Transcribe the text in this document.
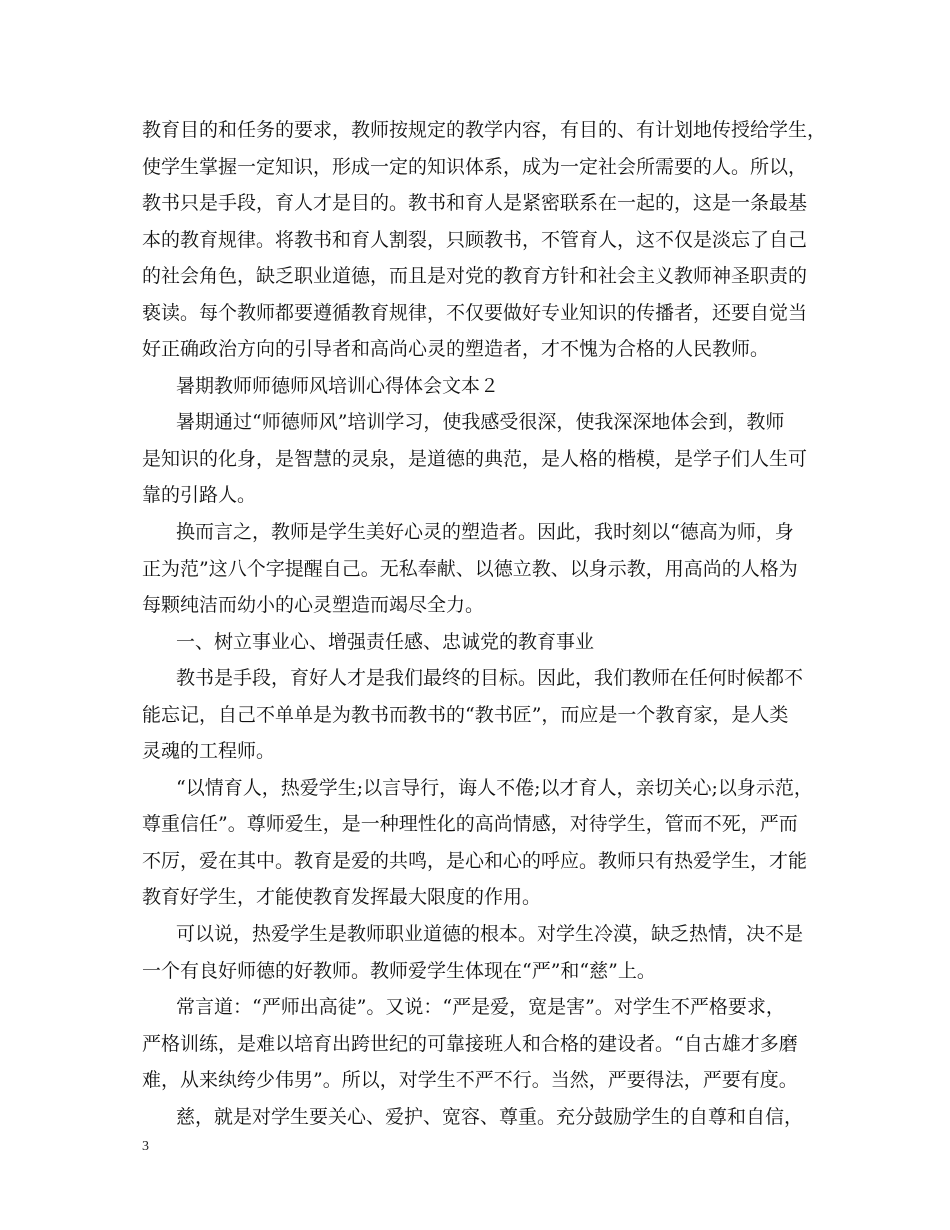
教育目的和任务的要求，教师按规定的教学内容，有目的、有计划地传授给学生，
使学生掌握一定知识，形成一定的知识体系，成为一定社会所需要的人。所以，
教书只是手段，育人才是目的。教书和育人是紧密联系在一起的，这是一条最基
本的教育规律。将教书和育人割裂，只顾教书，不管育人，这不仅是淡忘了自己
的社会角色，缺乏职业道德，而且是对党的教育方针和社会主义教师神圣职责的
亵读。每个教师都要遵循教育规律，不仅要做好专业知识的传播者，还要自觉当
好正确政治方向的引导者和高尚心灵的塑造者，才不愧为合格的人民教师。
暑期教师师德师风培训心得体会文本２
暑期通过“师德师风”培训学习，使我感受很深，使我深深地体会到，教师
是知识的化身，是智慧的灵泉，是道德的典范，是人格的楷模，是学子们人生可
靠的引路人。
换而言之，教师是学生美好心灵的塑造者。因此，我时刻以“德高为师，身
正为范”这八个字提醒自己。无私奉献、以德立教、以身示教，用高尚的人格为
每颗纯洁而幼小的心灵塑造而竭尽全力。
一、树立事业心、增强责任感、忠诚党的教育事业
教书是手段，育好人才是我们最终的目标。因此，我们教师在任何时候都不
能忘记，自己不单单是为教书而教书的“教书匠”，而应是一个教育家，是人类
灵魂的工程师。
“以情育人，热爱学生;以言导行，诲人不倦;以才育人，亲切关心;以身示范，
尊重信任”。尊师爱生，是一种理性化的高尚情感，对待学生，管而不死，严而
不厉，爱在其中。教育是爱的共鸣，是心和心的呼应。教师只有热爱学生，才能
教育好学生，才能使教育发挥最大限度的作用。
可以说，热爱学生是教师职业道德的根本。对学生冷漠，缺乏热情，决不是
一个有良好师德的好教师。教师爱学生体现在“严”和“慈”上。
常言道：“严师出高徒”。又说：“严是爱，宽是害”。对学生不严格要求，
严格训练，是难以培育出跨世纪的可靠接班人和合格的建设者。“自古雄才多磨
难，从来纨绔少伟男”。所以，对学生不严不行。当然，严要得法，严要有度。
慈，就是对学生要关心、爱护、宽容、尊重。充分鼓励学生的自尊和自信，
3
